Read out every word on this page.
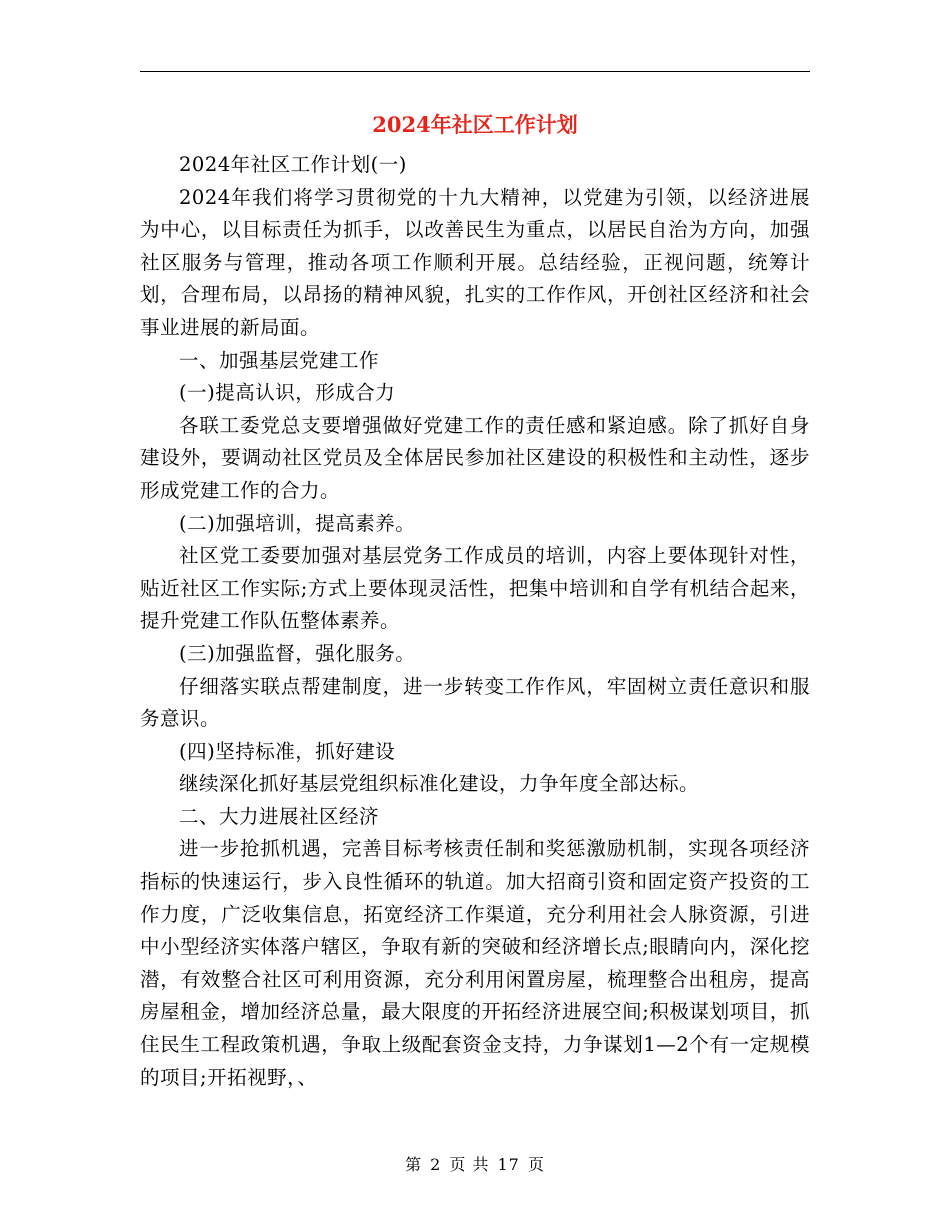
2024年社区工作计划

2024年社区工作计划(一)

2024年我们将学习贯彻党的十九大精神，以党建为引领，以经济进展为中心，以目标责任为抓手，以改善民生为重点，以居民自治为方向，加强社区服务与管理，推动各项工作顺利开展。总结经验，正视问题，统筹计划，合理布局，以昂扬的精神风貌，扎实的工作作风，开创社区经济和社会事业进展的新局面。

一、加强基层党建工作

(一)提高认识，形成合力

各联工委党总支要增强做好党建工作的责任感和紧迫感。除了抓好自身建设外，要调动社区党员及全体居民参加社区建设的积极性和主动性，逐步形成党建工作的合力。

(二)加强培训，提高素养。

社区党工委要加强对基层党务工作成员的培训，内容上要体现针对性，贴近社区工作实际;方式上要体现灵活性，把集中培训和自学有机结合起来，提升党建工作队伍整体素养。

(三)加强监督，强化服务。

仔细落实联点帮建制度，进一步转变工作作风，牢固树立责任意识和服务意识。

(四)坚持标准，抓好建设

继续深化抓好基层党组织标准化建设，力争年度全部达标。

二、大力进展社区经济

进一步抢抓机遇，完善目标考核责任制和奖惩激励机制，实现各项经济指标的快速运行，步入良性循环的轨道。加大招商引资和固定资产投资的工作力度，广泛收集信息，拓宽经济工作渠道，充分利用社会人脉资源，引进中小型经济实体落户辖区，争取有新的突破和经济增长点;眼睛向内，深化挖潜，有效整合社区可利用资源，充分利用闲置房屋，梳理整合出租房，提高房屋租金，增加经济总量，最大限度的开拓经济进展空间;积极谋划项目，抓住民生工程政策机遇，争取上级配套资金支持，力争谋划1—2个有一定规模的项目;开拓视野，、

第 2 页 共 17 页
